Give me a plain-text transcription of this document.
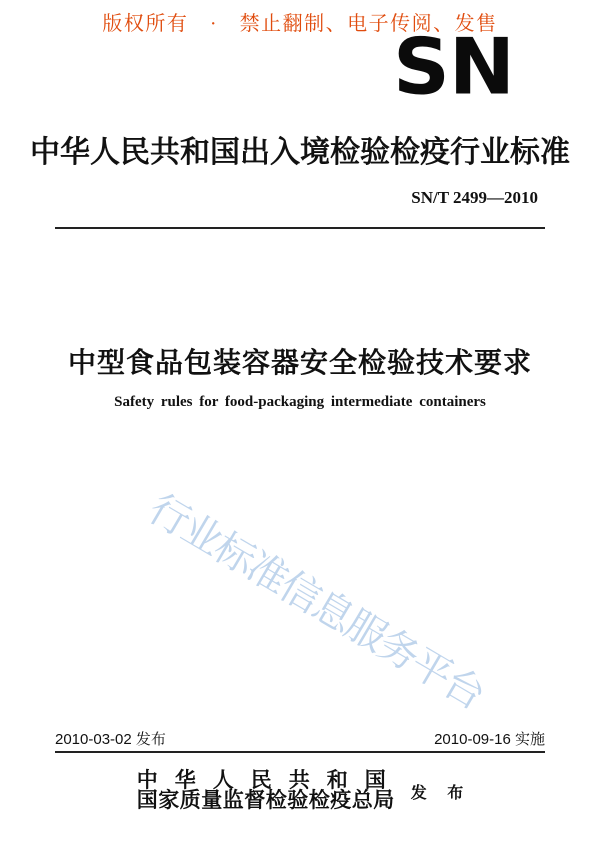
版权所有　·　禁止翻制、电子传阅、发售
SN
中华人民共和国出入境检验检疫行业标准
SN/T 2499—2010
中型食品包装容器安全检验技术要求
Safety rules for food-packaging intermediate containers
行业标准信息服务平台
2010-03-02 发布	2010-09-16 实施
中华人民共和国
国家质量监督检验检疫总局 发 布
